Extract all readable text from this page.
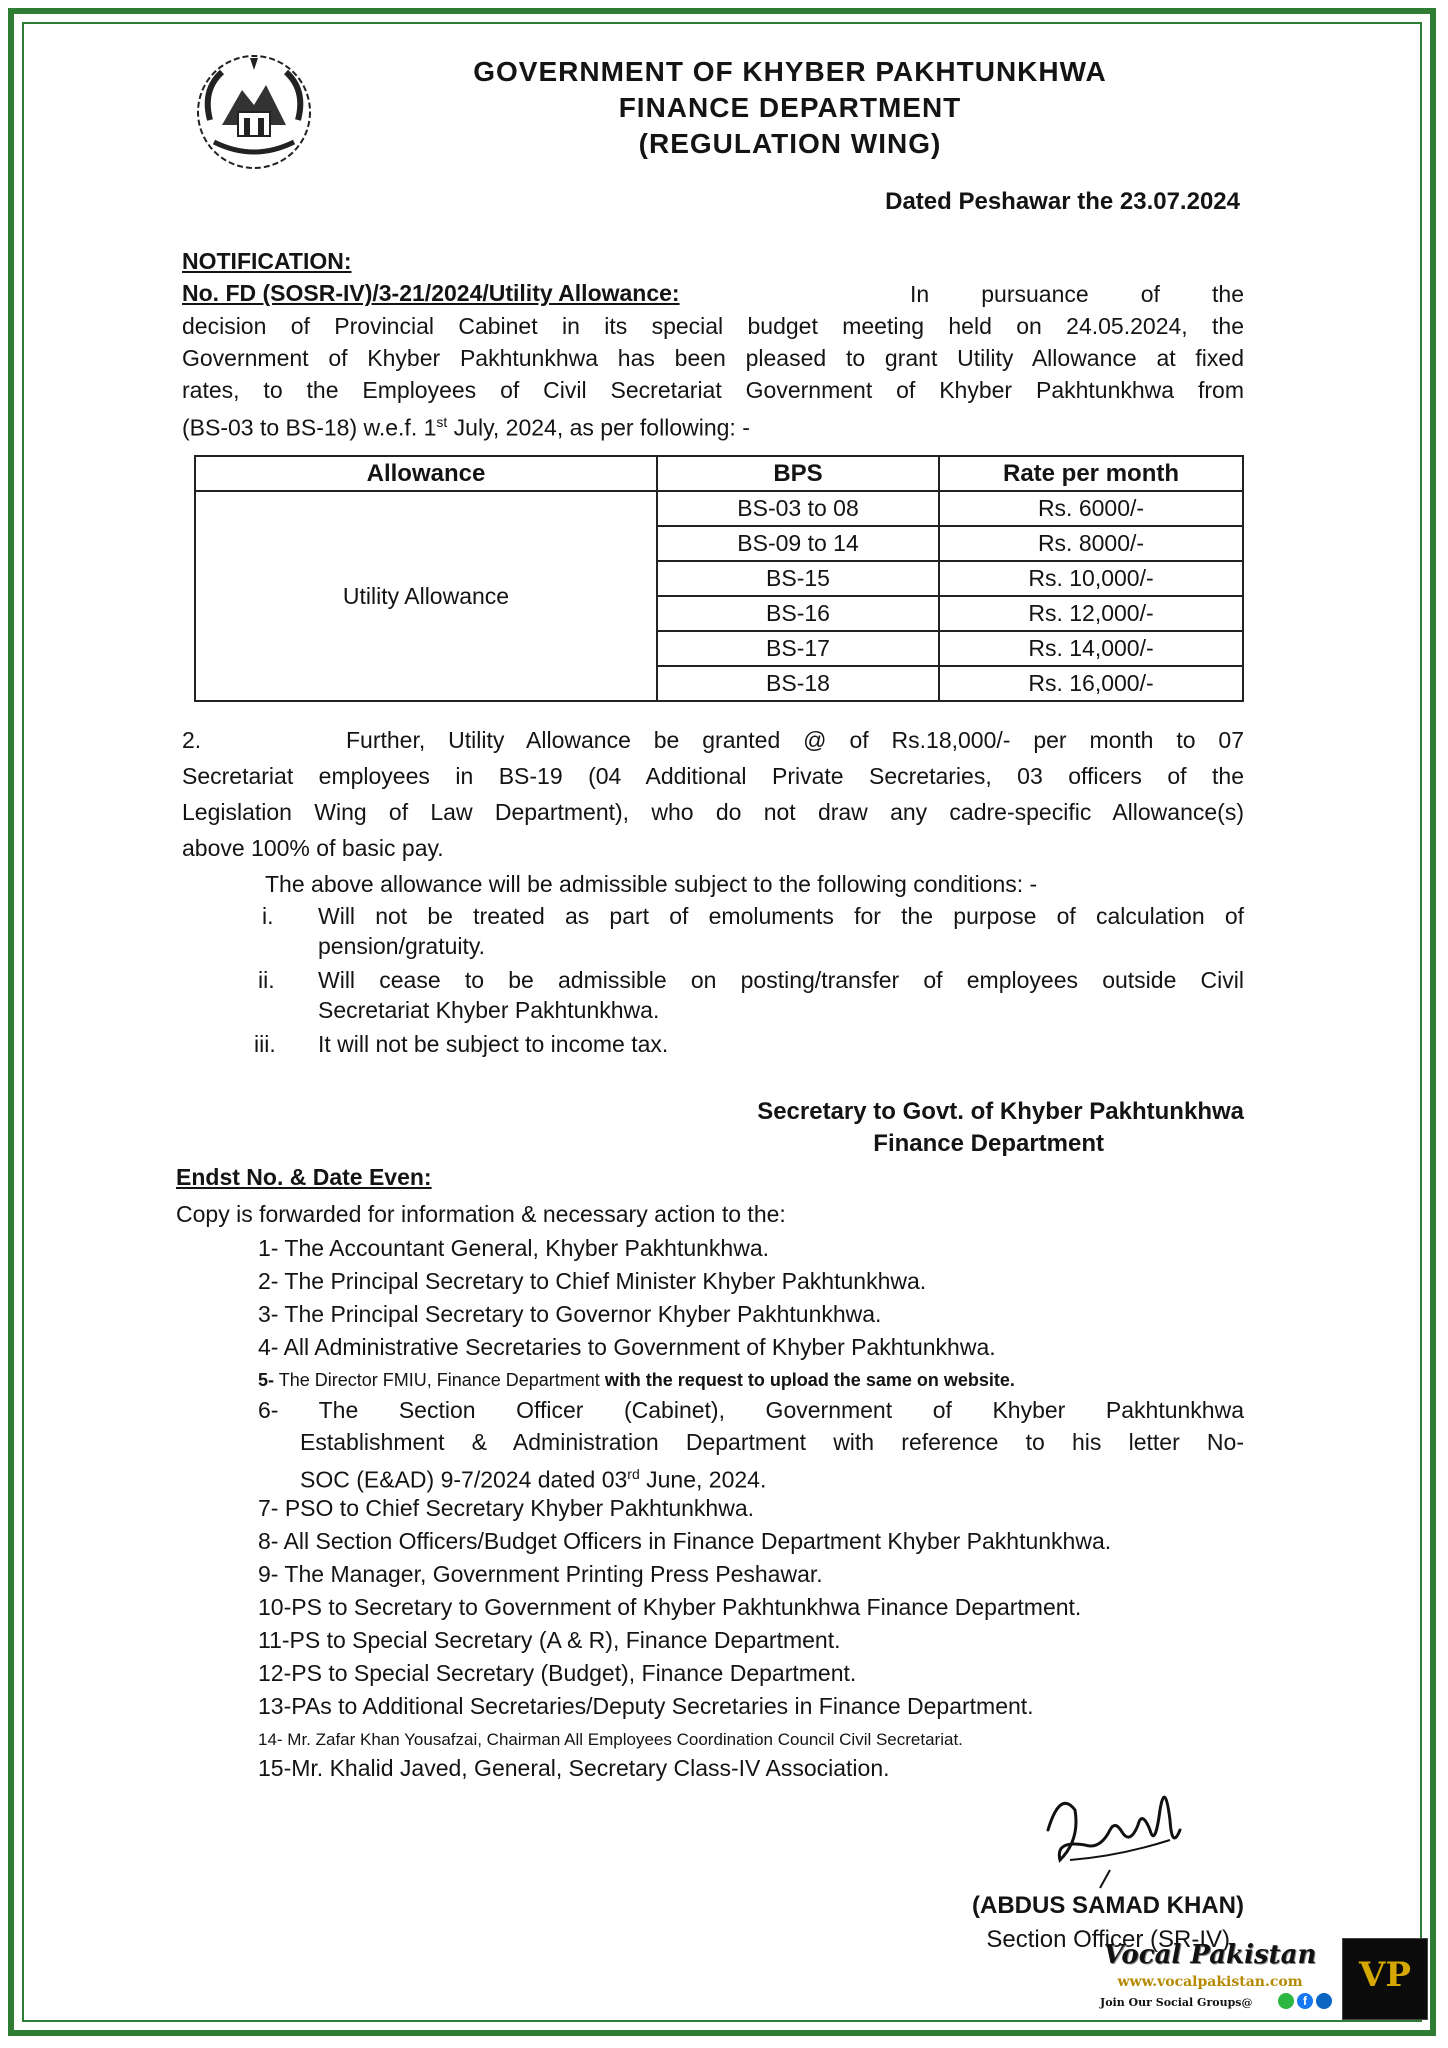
GOVERNMENT OF KHYBER PAKHTUNKHWA
FINANCE DEPARTMENT
(REGULATION WING)
Dated Peshawar the 23.07.2024
NOTIFICATION:
No. FD (SOSR-IV)/3-21/2024/Utility Allowance:	In pursuance of the
decision of Provincial Cabinet in its special budget meeting held on 24.05.2024, the
Government of Khyber Pakhtunkhwa has been pleased to grant Utility Allowance at fixed
rates, to the Employees of Civil Secretariat Government of Khyber Pakhtunkhwa from
(BS-03 to BS-18) w.e.f. 1st July, 2024, as per following: -
Allowance	BPS	Rate per month
Utility Allowance	BS-03 to 08	Rs. 6000/-
	BS-09 to 14	Rs. 8000/-
	BS-15	Rs. 10,000/-
	BS-16	Rs. 12,000/-
	BS-17	Rs. 14,000/-
	BS-18	Rs. 16,000/-
2.	Further, Utility Allowance be granted @ of Rs.18,000/- per month to 07
Secretariat employees in BS-19 (04 Additional Private Secretaries, 03 officers of the
Legislation Wing of Law Department), who do not draw any cadre-specific Allowance(s)
above 100% of basic pay.
The above allowance will be admissible subject to the following conditions: -
i. Will not be treated as part of emoluments for the purpose of calculation of
pension/gratuity.
ii. Will cease to be admissible on posting/transfer of employees outside Civil
Secretariat Khyber Pakhtunkhwa.
iii. It will not be subject to income tax.
Secretary to Govt. of Khyber Pakhtunkhwa
Finance Department
Endst No. & Date Even:
Copy is forwarded for information & necessary action to the:
1- The Accountant General, Khyber Pakhtunkhwa.
2- The Principal Secretary to Chief Minister Khyber Pakhtunkhwa.
3- The Principal Secretary to Governor Khyber Pakhtunkhwa.
4- All Administrative Secretaries to Government of Khyber Pakhtunkhwa.
5- The Director FMIU, Finance Department with the request to upload the same on website.
6- The Section Officer (Cabinet), Government of Khyber Pakhtunkhwa
Establishment & Administration Department with reference to his letter No-
SOC (E&AD) 9-7/2024 dated 03rd June, 2024.
7- PSO to Chief Secretary Khyber Pakhtunkhwa.
8- All Section Officers/Budget Officers in Finance Department Khyber Pakhtunkhwa.
9- The Manager, Government Printing Press Peshawar.
10-PS to Secretary to Government of Khyber Pakhtunkhwa Finance Department.
11-PS to Special Secretary (A & R), Finance Department.
12-PS to Special Secretary (Budget), Finance Department.
13-PAs to Additional Secretaries/Deputy Secretaries in Finance Department.
14- Mr. Zafar Khan Yousafzai, Chairman All Employees Coordination Council Civil Secretariat.
15-Mr. Khalid Javed, General, Secretary Class-IV Association.
(ABDUS SAMAD KHAN)
Section Officer (SR-IV)
Vocal Pakistan
www.vocalpakistan.com
Join Our Social Groups@	f
VP
